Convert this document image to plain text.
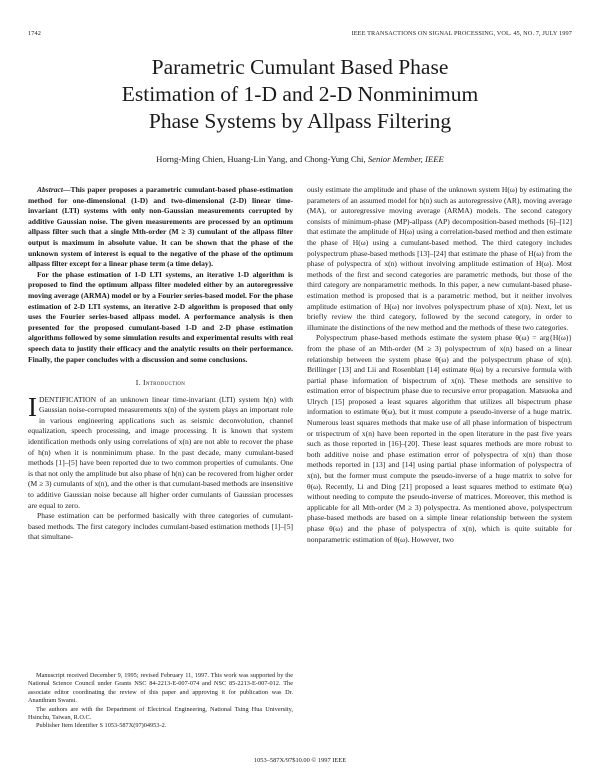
1742	IEEE TRANSACTIONS ON SIGNAL PROCESSING, VOL. 45, NO. 7, JULY 1997
Parametric Cumulant Based Phase
Estimation of 1-D and 2-D Nonminimum
Phase Systems by Allpass Filtering
Horng-Ming Chien, Huang-Lin Yang, and Chong-Yung Chi, Senior Member, IEEE

Abstract—This paper proposes a parametric cumulant-based phase-estimation method for one-dimensional (1-D) and two-dimensional (2-D) linear time-invariant (LTI) systems with only non-Gaussian measurements corrupted by additive Gaussian noise. The given measurements are processed by an optimum allpass filter such that a single Mth-order (M ≥ 3) cumulant of the allpass filter output is maximum in absolute value. It can be shown that the phase of the unknown system of interest is equal to the negative of the phase of the optimum allpass filter except for a linear phase term (a time delay).

For the phase estimation of 1-D LTI systems, an iterative 1-D algorithm is proposed to find the optimum allpass filter modeled either by an autoregressive moving average (ARMA) model or by a Fourier series-based model. For the phase estimation of 2-D LTI systems, an iterative 2-D algorithm is proposed that only uses the Fourier series-based allpass model. A performance analysis is then presented for the proposed cumulant-based 1-D and 2-D phase estimation algorithms followed by some simulation results and experimental results with real speech data to justify their efficacy and the analytic results on their performance. Finally, the paper concludes with a discussion and some conclusions.

I. Introduction

IDENTIFICATION of an unknown linear time-invariant (LTI) system h(n) with Gaussian noise-corrupted measurements x(n) of the system plays an important role in various engineering applications such as seismic deconvolution, channel equalization, speech processing, and image processing. It is known that system identification methods only using correlations of x(n) are not able to recover the phase of h(n) when it is nonminimum phase. In the past decade, many cumulant-based methods [1]–[5] have been reported due to two common properties of cumulants. One is that not only the amplitude but also phase of h(n) can be recovered from higher order (M ≥ 3) cumulants of x(n), and the other is that cumulant-based methods are insensitive to additive Gaussian noise because all higher order cumulants of Gaussian processes are equal to zero.

Phase estimation can be performed basically with three categories of cumulant-based methods. The first category includes cumulant-based estimation methods [1]–[5] that simultane-

Manuscript received December 9, 1995; revised February 11, 1997. This work was supported by the National Science Council under Grants NSC 84-2213-E-007-074 and NSC 85-2213-E-007-012. The associate editor coordinating the review of this paper and approving it for publication was Dr. Ananthram Swami.

The authors are with the Department of Electrical Engineering, National Tsing Hua University, Hsinchu, Taiwan, R.O.C.

Publisher Item Identifier S 1053-587X(97)04953-2.

ously estimate the amplitude and phase of the unknown system H(ω) by estimating the parameters of an assumed model for h(n) such as autoregressive (AR), moving average (MA), or autoregressive moving average (ARMA) models. The second category consists of minimum-phase (MP)-allpass (AP) decomposition-based methods [6]–[12] that estimate the amplitude of H(ω) using a correlation-based method and then estimate the phase of H(ω) using a cumulant-based method. The third category includes polyspectrum phase-based methods [13]–[24] that estimate the phase of H(ω) from the phase of polyspectra of x(n) without involving amplitude estimation of H(ω). Most methods of the first and second categories are parametric methods, but those of the third category are nonparametric methods. In this paper, a new cumulant-based phase-estimation method is proposed that is a parametric method, but it neither involves amplitude estimation of H(ω) nor involves polyspectrum phase of x(n). Next, let us briefly review the third category, followed by the second category, in order to illuminate the distinctions of the new method and the methods of these two categories.

Polyspectrum phase-based methods estimate the system phase θ(ω) = arg{H(ω)} from the phase of an Mth-order (M ≥ 3) polyspectrum of x(n) based on a linear relationship between the system phase θ(ω) and the polyspectrum phase of x(n). Brillinger [13] and Lii and Rosenblatt [14] estimate θ(ω) by a recursive formula with partial phase information of bispectrum of x(n). These methods are sensitive to estimation error of bispectrum phase due to recursive error propagation. Matsuoka and Ulrych [15] proposed a least squares algorithm that utilizes all bispectrum phase information to estimate θ(ω), but it must compute a pseudo-inverse of a huge matrix. Numerous least squares methods that make use of all phase information of bispectrum or trispectrum of x(n) have been reported in the open literature in the past five years such as those reported in [16]–[20]. These least squares methods are more robust to both additive noise and phase estimation error of polyspectra of x(n) than those methods reported in [13] and [14] using partial phase information of polyspectra of x(n), but the former must compute the pseudo-inverse of a huge matrix to solve for θ(ω). Recently, Li and Ding [21] proposed a least squares method to estimate θ(ω) without needing to compute the pseudo-inverse of matrices. Moreover, this method is applicable for all Mth-order (M ≥ 3) polyspectra. As mentioned above, polyspectrum phase-based methods are based on a simple linear relationship between the system phase θ(ω) and the phase of polyspectra of x(n), which is quite suitable for nonparametric estimation of θ(ω). However, two

1053–587X/97$10.00 © 1997 IEEE
